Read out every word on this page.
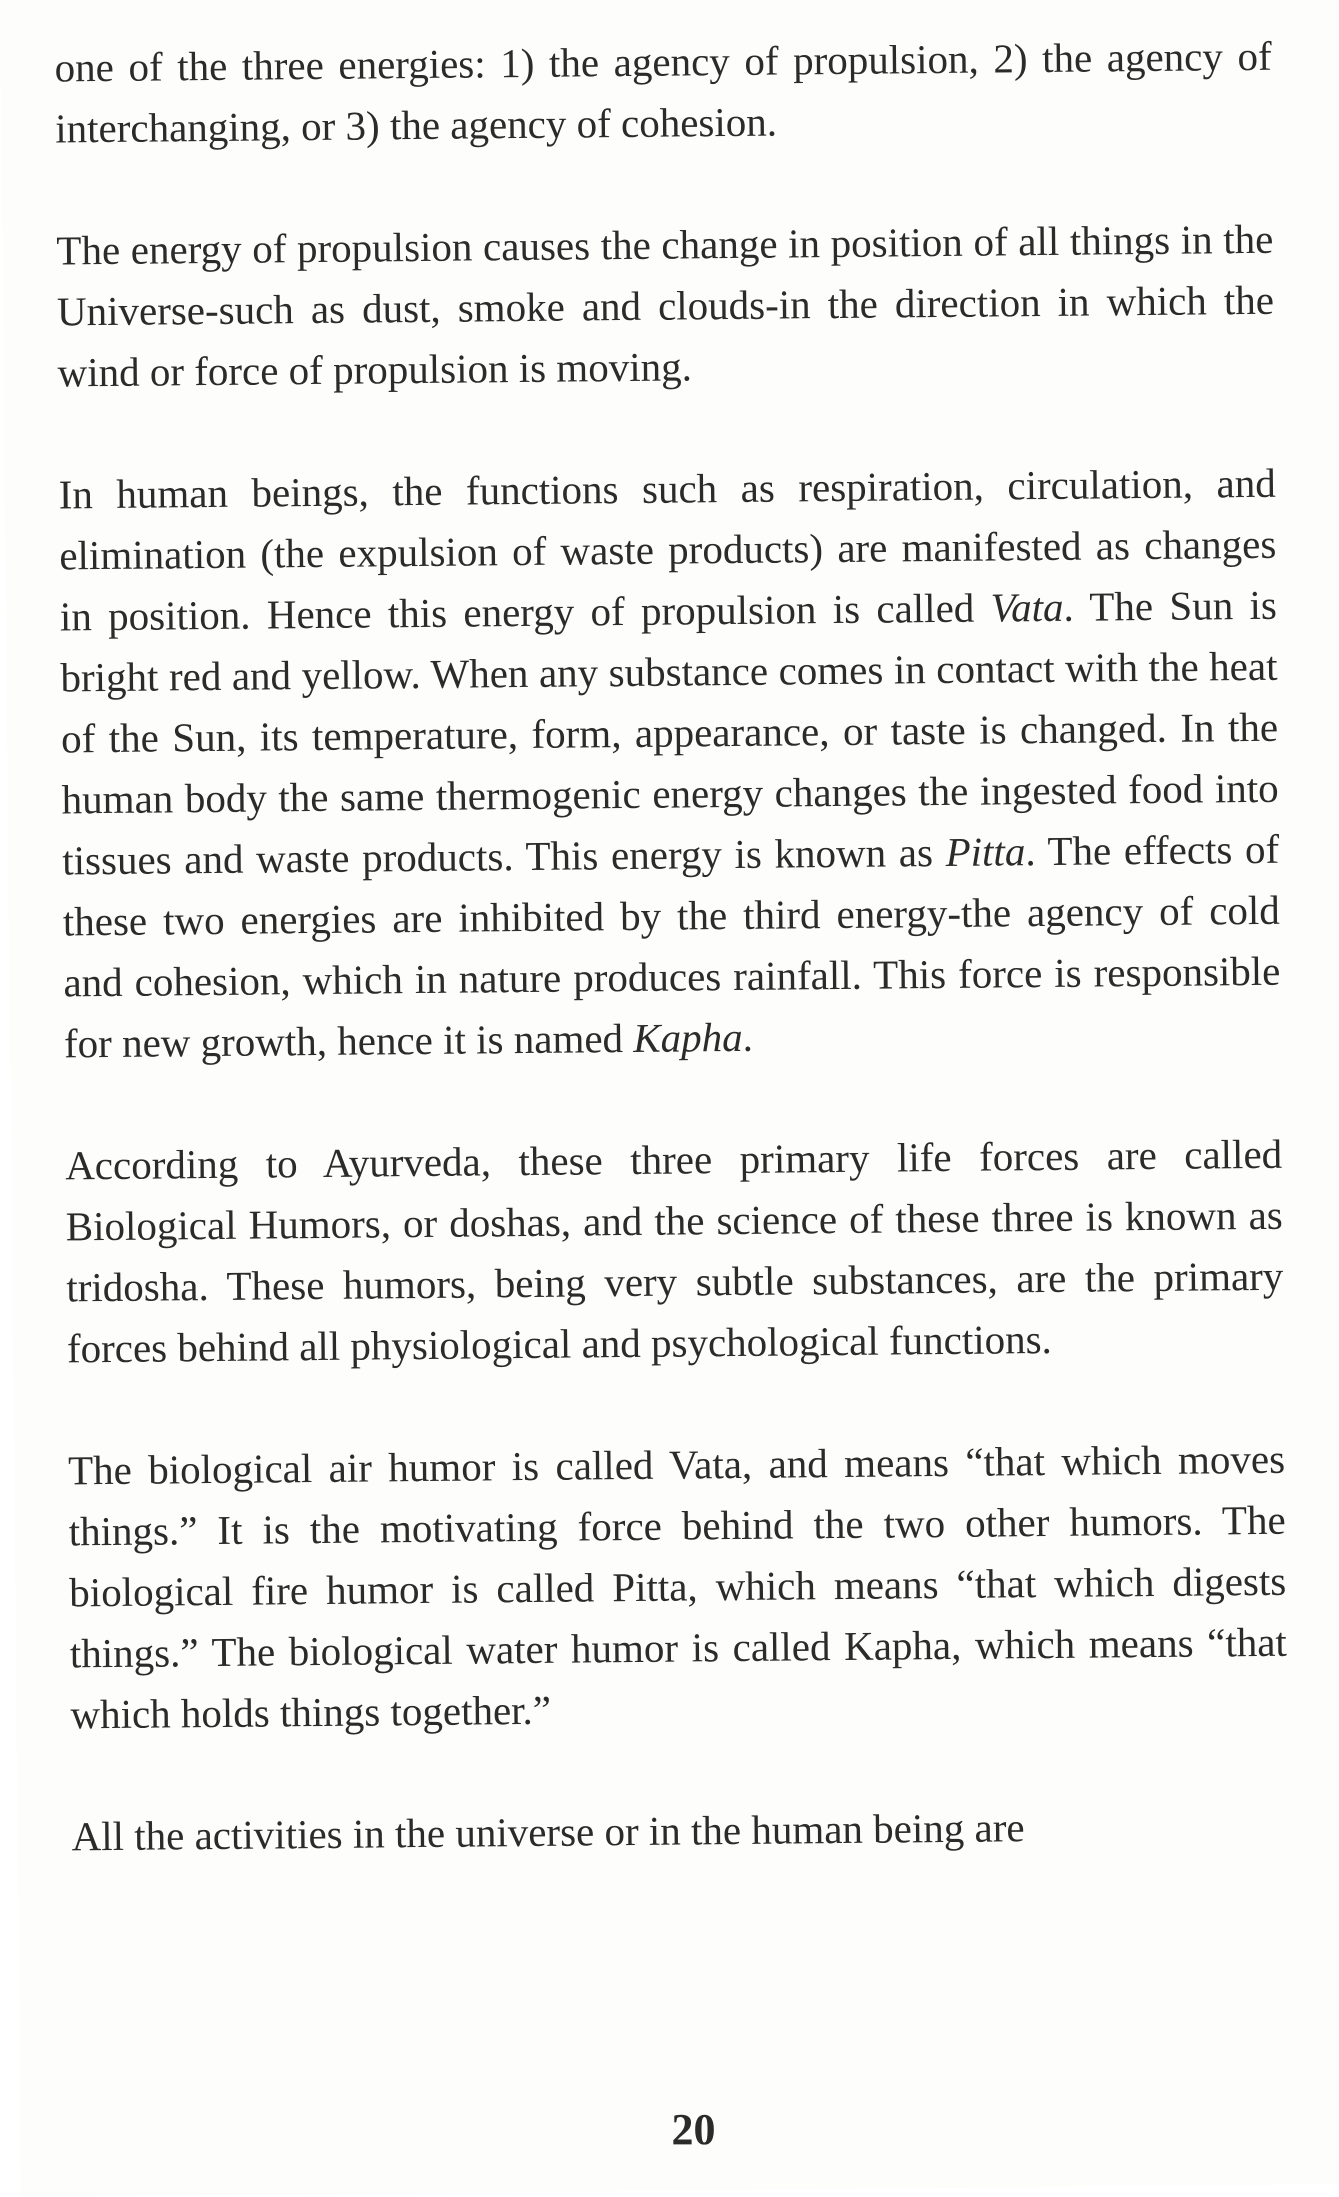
one of the three energies: 1) the agency of propulsion, 2) the agency of interchanging, or 3) the agency of cohesion.

The energy of propulsion causes the change in position of all things in the Universe-such as dust, smoke and clouds-in the direction in which the wind or force of propulsion is moving.

In human beings, the functions such as respiration, circulation, and elimination (the expulsion of waste products) are manifested as changes in position. Hence this energy of propulsion is called Vata. The Sun is bright red and yellow. When any substance comes in contact with the heat of the Sun, its temperature, form, appearance, or taste is changed. In the human body the same thermogenic energy changes the ingested food into tissues and waste products. This energy is known as Pitta. The effects of these two energies are inhibited by the third energy-the agency of cold and cohesion, which in nature produces rainfall. This force is responsible for new growth, hence it is named Kapha.

According to Ayurveda, these three primary life forces are called Biological Humors, or doshas, and the science of these three is known as tridosha. These humors, being very subtle substances, are the primary forces behind all physiological and psychological functions.

The biological air humor is called Vata, and means “that which moves things.” It is the motivating force behind the two other humors. The biological fire humor is called Pitta, which means “that which digests things.” The biological water humor is called Kapha, which means “that which holds things together.”

All the activities in the universe or in the human being are

20
